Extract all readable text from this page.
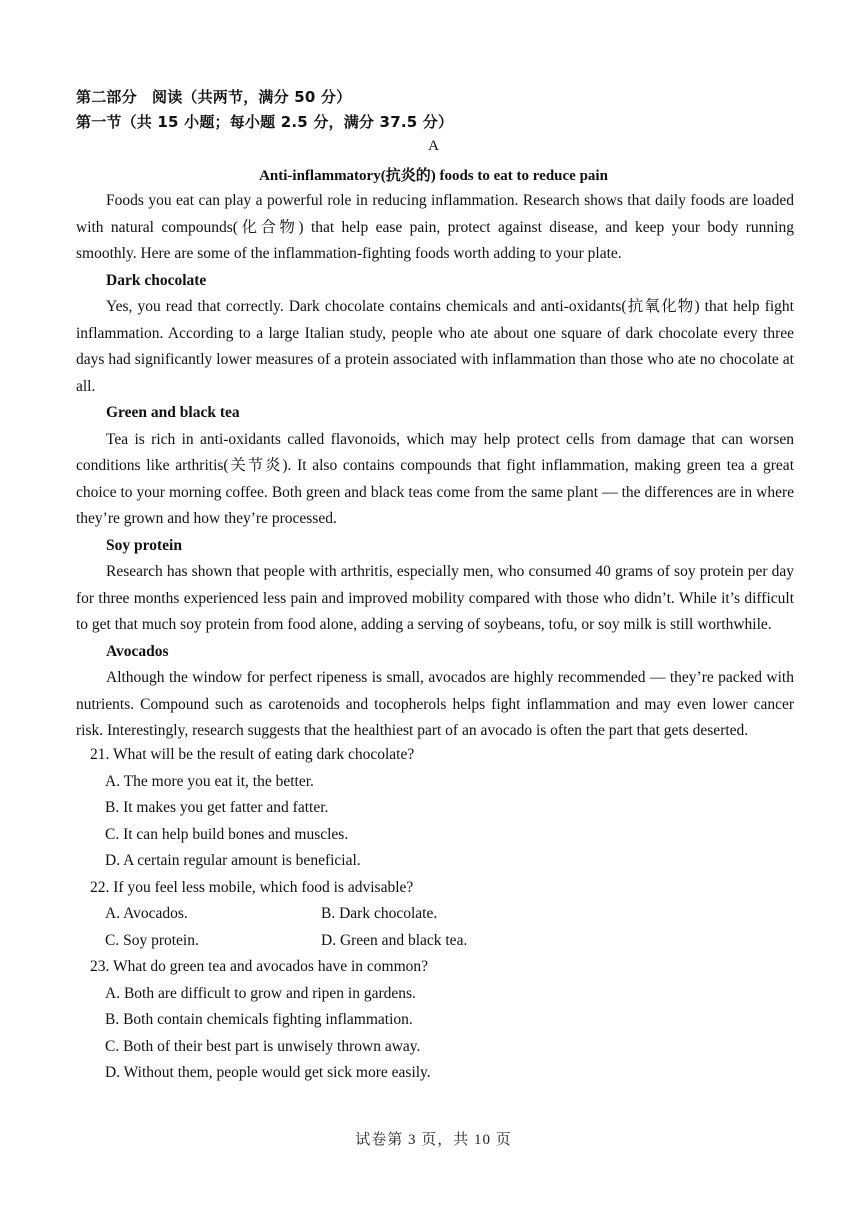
第二部分　阅读（共两节，满分 50 分）
第一节（共 15 小题；每小题 2.5 分，满分 37.5 分）
A
Anti-inflammatory(抗炎的) foods to eat to reduce pain

Foods you eat can play a powerful role in reducing inflammation. Research shows that daily foods are loaded with natural compounds(化合物) that help ease pain, protect against disease, and keep your body running smoothly. Here are some of the inflammation-fighting foods worth adding to your plate.

Dark chocolate

Yes, you read that correctly. Dark chocolate contains chemicals and anti-oxidants(抗氧化物) that help fight inflammation. According to a large Italian study, people who ate about one square of dark chocolate every three days had significantly lower measures of a protein associated with inflammation than those who ate no chocolate at all.

Green and black tea

Tea is rich in anti-oxidants called flavonoids, which may help protect cells from damage that can worsen conditions like arthritis(关节炎). It also contains compounds that fight inflammation, making green tea a great choice to your morning coffee. Both green and black teas come from the same plant — the differences are in where they’re grown and how they’re processed.

Soy protein

Research has shown that people with arthritis, especially men, who consumed 40 grams of soy protein per day for three months experienced less pain and improved mobility compared with those who didn’t. While it’s difficult to get that much soy protein from food alone, adding a serving of soybeans, tofu, or soy milk is still worthwhile.

Avocados

Although the window for perfect ripeness is small, avocados are highly recommended — they’re packed with nutrients. Compound such as carotenoids and tocopherols helps fight inflammation and may even lower cancer risk. Interestingly, research suggests that the healthiest part of an avocado is often the part that gets deserted.

21. What will be the result of eating dark chocolate?

A. The more you eat it, the better.

B. It makes you get fatter and fatter.

C. It can help build bones and muscles.

D. A certain regular amount is beneficial.

22. If you feel less mobile, which food is advisable?

A. Avocados.	B. Dark chocolate.
C. Soy protein.	D. Green and black tea.

23. What do green tea and avocados have in common?

A. Both are difficult to grow and ripen in gardens.

B. Both contain chemicals fighting inflammation.

C. Both of their best part is unwisely thrown away.

D. Without them, people would get sick more easily.

试卷第 3 页，共 10 页
